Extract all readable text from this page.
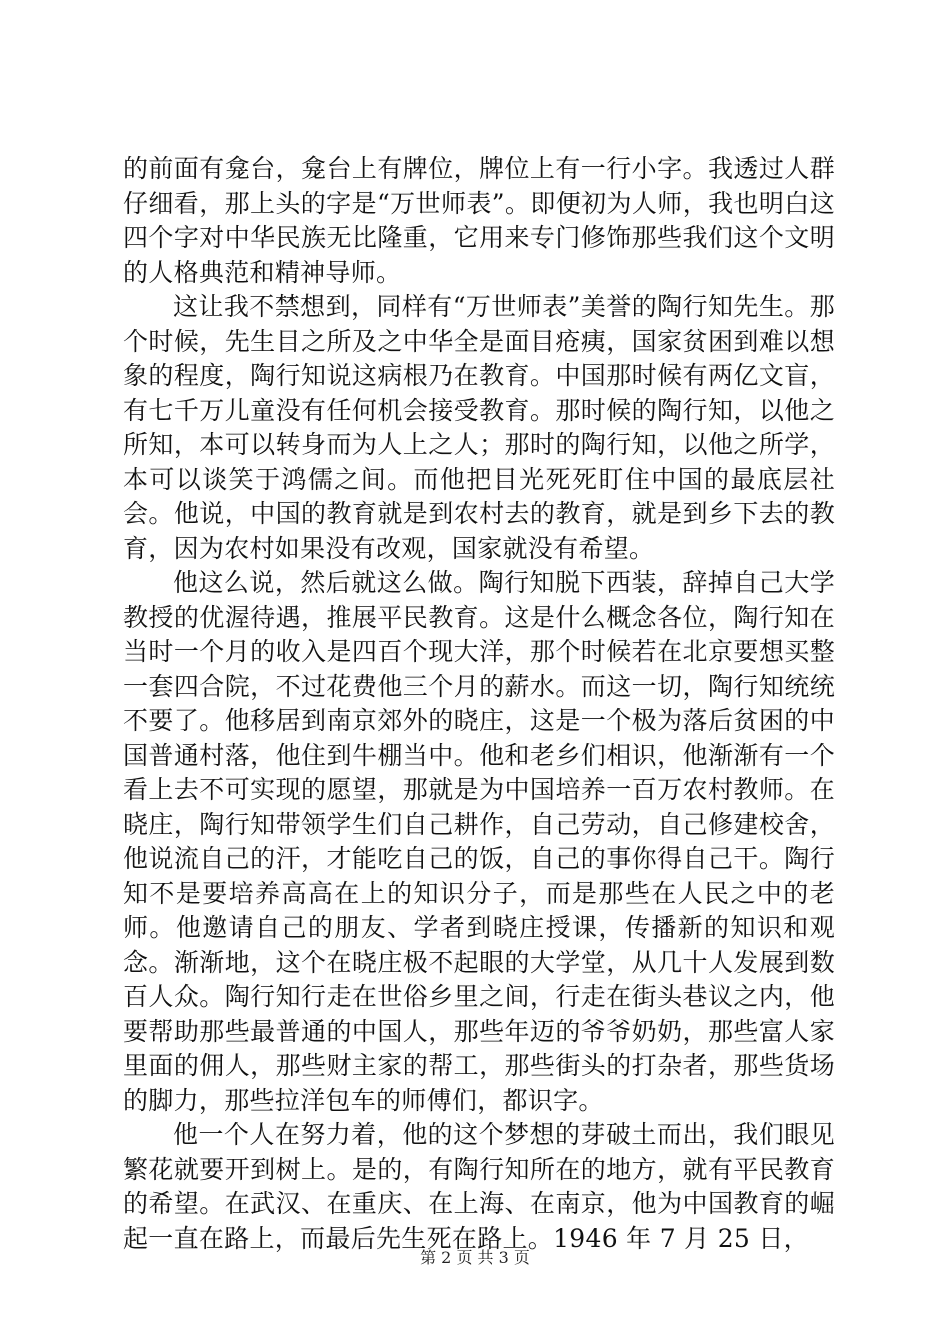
的前面有龛台，龛台上有牌位，牌位上有一行小字。我透过人群仔细看，那上头的字是“万世师表”。即便初为人师，我也明白这四个字对中华民族无比隆重，它用来专门修饰那些我们这个文明的人格典范和精神导师。

这让我不禁想到，同样有“万世师表”美誉的陶行知先生。那个时候，先生目之所及之中华全是面目疮痍，国家贫困到难以想象的程度，陶行知说这病根乃在教育。中国那时候有两亿文盲，有七千万儿童没有任何机会接受教育。那时候的陶行知，以他之所知，本可以转身而为人上之人；那时的陶行知，以他之所学，本可以谈笑于鸿儒之间。而他把目光死死盯住中国的最底层社会。他说，中国的教育就是到农村去的教育，就是到乡下去的教育，因为农村如果没有改观，国家就没有希望。

他这么说，然后就这么做。陶行知脱下西装，辞掉自己大学教授的优渥待遇，推展平民教育。这是什么概念各位，陶行知在当时一个月的收入是四百个现大洋，那个时候若在北京要想买整一套四合院，不过花费他三个月的薪水。而这一切，陶行知统统不要了。他移居到南京郊外的晓庄，这是一个极为落后贫困的中国普通村落，他住到牛棚当中。他和老乡们相识，他渐渐有一个看上去不可实现的愿望，那就是为中国培养一百万农村教师。在晓庄，陶行知带领学生们自己耕作，自己劳动，自己修建校舍，他说流自己的汗，才能吃自己的饭，自己的事你得自己干。陶行知不是要培养高高在上的知识分子，而是那些在人民之中的老师。他邀请自己的朋友、学者到晓庄授课，传播新的知识和观念。渐渐地，这个在晓庄极不起眼的大学堂，从几十人发展到数百人众。陶行知行走在世俗乡里之间，行走在街头巷议之内，他要帮助那些最普通的中国人，那些年迈的爷爷奶奶，那些富人家里面的佣人，那些财主家的帮工，那些街头的打杂者，那些货场的脚力，那些拉洋包车的师傅们，都识字。

他一个人在努力着，他的这个梦想的芽破土而出，我们眼见繁花就要开到树上。是的，有陶行知所在的地方，就有平民教育的希望。在武汉、在重庆、在上海、在南京，他为中国教育的崛起一直在路上，而最后先生死在路上。1946 年 7 月 25 日，

第 2 页 共 3 页
